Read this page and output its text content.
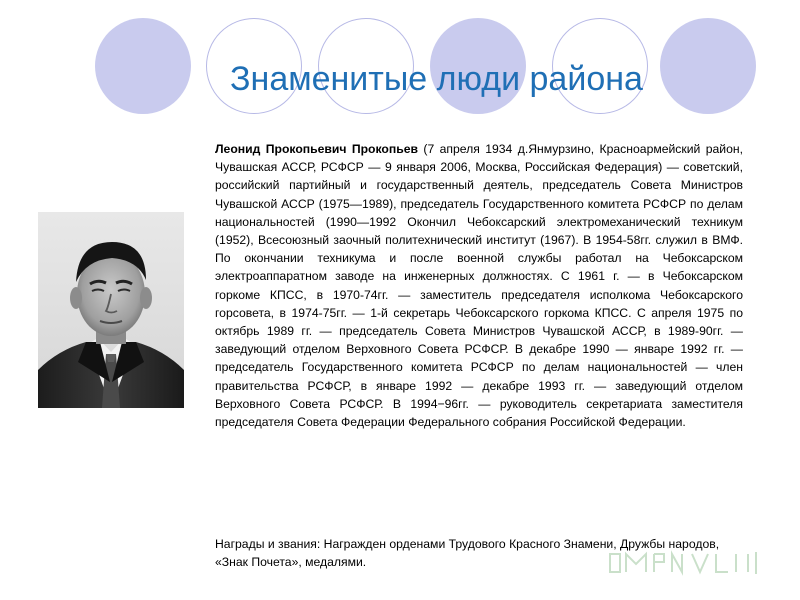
Знаменитые люди района

Леонид Прокопьевич Прокопьев (7 апреля 1934 д.Янмурзино, Красноармейский район, Чувашская АССР, РСФСР — 9 января 2006, Москва, Российская Федерация) — советский, российский партийный и государственный деятель, председатель Совета Министров Чувашской АССР (1975—1989), председатель Государственного комитета РСФСР по делам национальностей (1990—1992 Окончил Чебоксарский электромеханический техникум (1952), Всесоюзный заочный политехнический институт (1967). В 1954-58гг. служил в ВМФ. По окончании техникума и после военной службы работал на Чебоксарском электроаппаратном заводе на инженерных должностях. С 1961 г. — в Чебоксарском горкоме КПСС, в 1970-74гг. — заместитель председателя исполкома Чебоксарского горсовета, в 1974-75гг. — 1-й секретарь Чебоксарского горкома КПСС. С апреля 1975 по октябрь 1989 гг. — председатель Совета Министров Чувашской АССР, в 1989-90гг. — заведующий отделом Верховного Совета РСФСР. В декабре 1990 — январе 1992 гг. — председатель Государственного комитета РСФСР по делам национальностей — член правительства РСФСР, в январе 1992 — декабре 1993 гг. — заведующий отделом Верховного Совета РСФСР. В 1994−96гг. — руководитель секретариата заместителя председателя Совета Федерации Федерального собрания Российской Федерации.

Награды и звания: Награжден орденами Трудового Красного Знамени, Дружбы народов, «Знак Почета», медалями.
